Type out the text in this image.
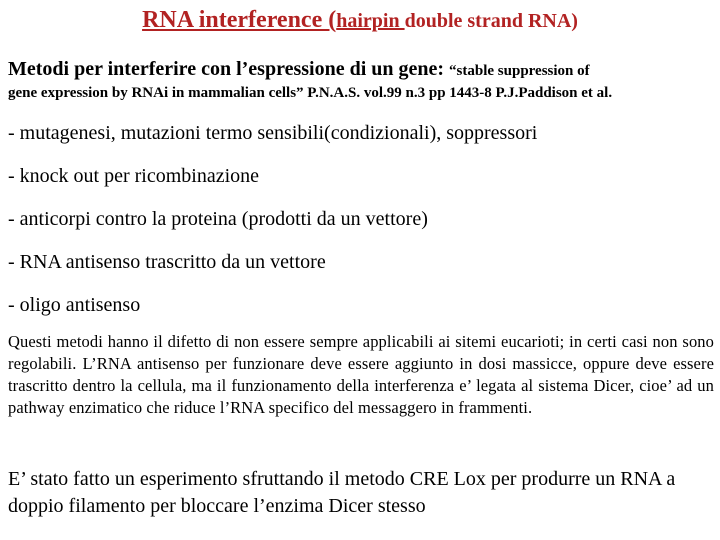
RNA interference (hairpin double strand RNA)
Metodi per interferire con l’espressione di un gene: “stable suppression of
gene expression by RNAi in mammalian cells” P.N.A.S. vol.99 n.3 pp 1443-8 P.J.Paddison et al.
- mutagenesi, mutazioni termo sensibili(condizionali), soppressori
- knock out per ricombinazione
- anticorpi contro la proteina (prodotti da un vettore)
- RNA antisenso trascritto da un vettore
- oligo antisenso
Questi metodi hanno il difetto di non essere sempre applicabili ai sitemi eucarioti; in certi casi non sono regolabili. L’RNA antisenso per funzionare deve essere aggiunto in dosi massicce, oppure deve essere trascritto dentro la cellula, ma il funzionamento della interferenza e’ legata al sistema Dicer, cioe’ ad un pathway enzimatico che riduce l’RNA specifico del messaggero in frammenti.
E’ stato fatto un esperimento sfruttando il metodo CRE Lox per produrre un RNA a doppio filamento per bloccare l’enzima Dicer stesso
